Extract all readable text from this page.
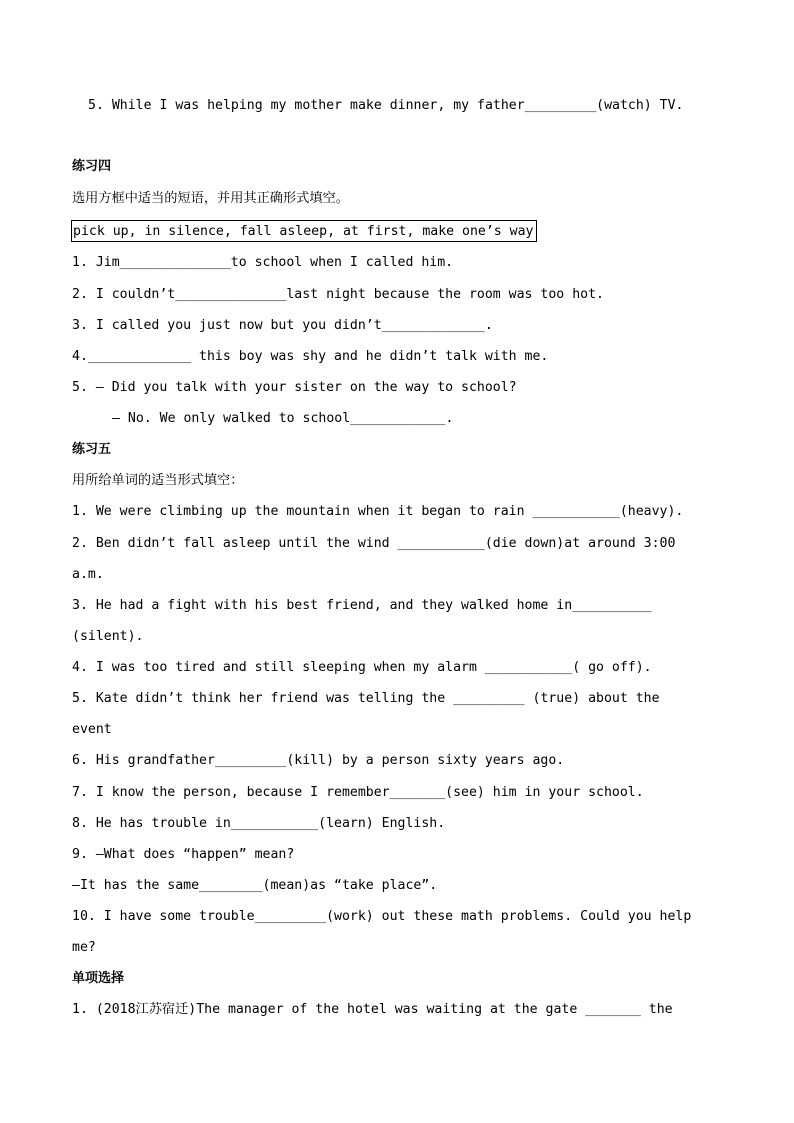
5. While I was helping my mother make dinner, my father_________(watch) TV.

练习四

选用方框中适当的短语，并用其正确形式填空。

pick up, in silence, fall asleep, at first, make one’s way

1. Jim______________to school when I called him.

2. I couldn’t______________last night because the room was too hot.

3. I called you just now but you didn’t_____________.

4._____________ this boy was shy and he didn’t talk with me.

5. — Did you talk with your sister on the way to school?

— No. We only walked to school____________.

练习五

用所给单词的适当形式填空：

1. We were climbing up the mountain when it began to rain ___________(heavy).

2. Ben didn’t fall asleep until the wind ___________(die down)at around 3:00

a.m.

3. He had a fight with his best friend, and they walked home in__________

(silent).

4. I was too tired and still sleeping when my alarm ___________( go off).

5. Kate didn’t think her friend was telling the _________ (true) about the

event

6. His grandfather_________(kill) by a person sixty years ago.

7. I know the person, because I remember_______(see) him in your school.

8. He has trouble in___________(learn) English.

9. —What does “happen” mean?

—It has the same________(mean)as “take place”.

10. I have some trouble_________(work) out these math problems. Could you help

me?

单项选择

1. (2018江苏宿迁)The manager of the hotel was waiting at the gate _______ the
